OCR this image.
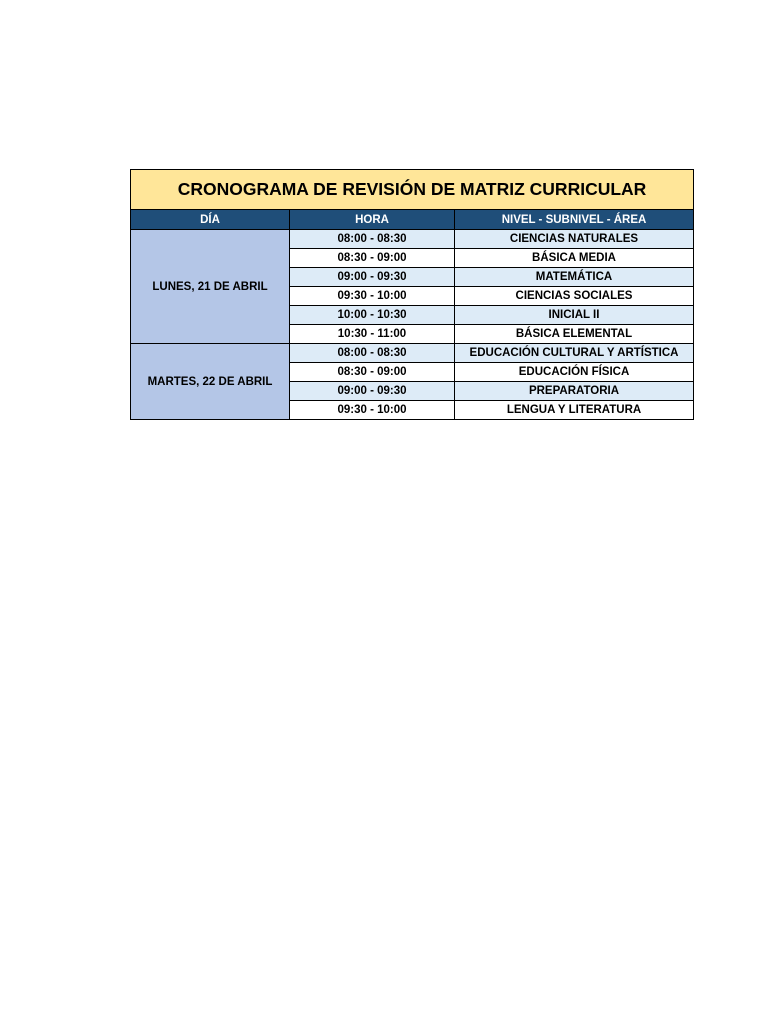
CRONOGRAMA DE REVISIÓN DE MATRIZ CURRICULAR		
DÍA	HORA	NIVEL - SUBNIVEL - ÁREA
LUNES, 21 DE ABRIL	08:00 - 08:30	CIENCIAS NATURALES
	08:30 - 09:00	BÁSICA MEDIA
	09:00 - 09:30	MATEMÁTICA
	09:30 - 10:00	CIENCIAS SOCIALES
	10:00 - 10:30	INICIAL II
	10:30 - 11:00	BÁSICA ELEMENTAL
MARTES, 22 DE ABRIL	08:00 - 08:30	EDUCACIÓN CULTURAL Y ARTÍSTICA
	08:30 - 09:00	EDUCACIÓN FÍSICA
	09:00 - 09:30	PREPARATORIA
	09:30 - 10:00	LENGUA Y LITERATURA
